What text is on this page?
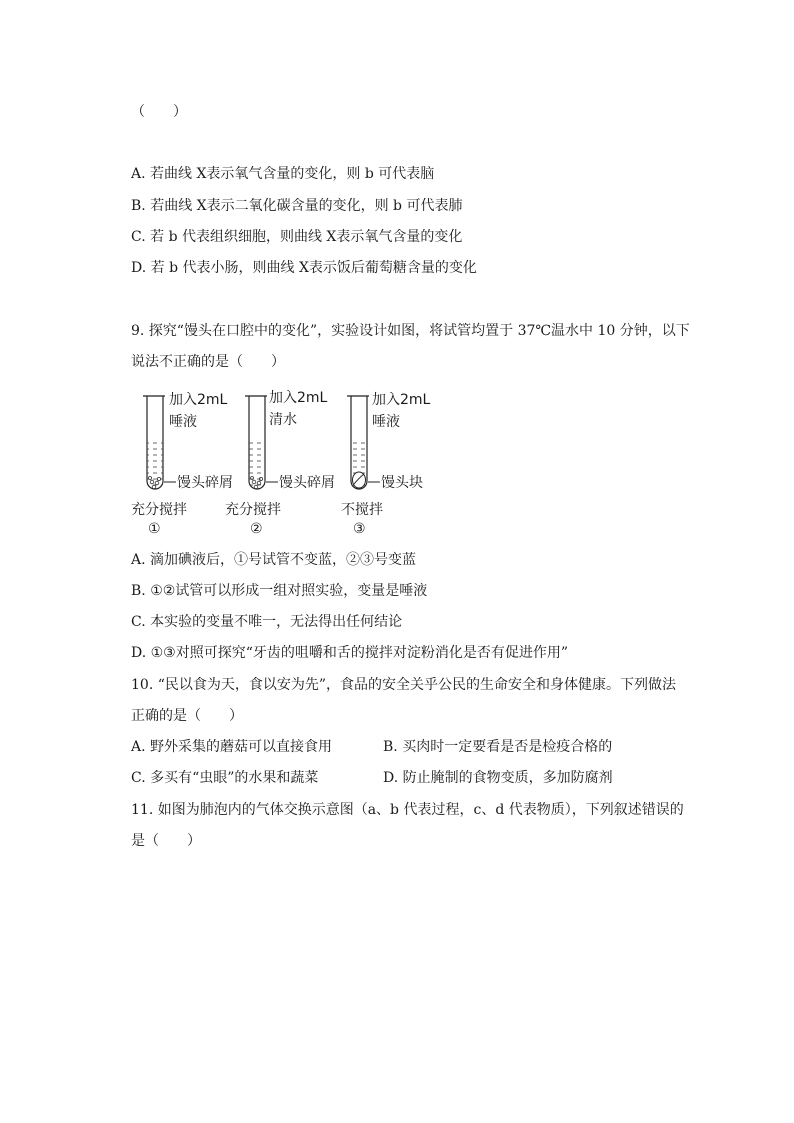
（　　）
A. 若曲线 X表示氧气含量的变化，则 b 可代表脑
B. 若曲线 X表示二氧化碳含量的变化，则 b 可代表肺
C. 若 b 代表组织细胞，则曲线 X表示氧气含量的变化
D. 若 b 代表小肠，则曲线 X表示饭后葡萄糖含量的变化
9. 探究“馒头在口腔中的变化”，实验设计如图，将试管均置于 37℃温水中 10 分钟，以下
说法不正确的是（　　）
加入2mL
唾液
馒头碎屑
充分搅拌
①
加入2mL
清水
馒头碎屑
充分搅拌
②
加入2mL
唾液
馒头块
不搅拌
③
A. 滴加碘液后，①号试管不变蓝，②③号变蓝
B. ①②试管可以形成一组对照实验，变量是唾液
C. 本实验的变量不唯一，无法得出任何结论
D. ①③对照可探究“牙齿的咀嚼和舌的搅拌对淀粉消化是否有促进作用”
10. “民以食为天，食以安为先”，食品的安全关乎公民的生命安全和身体健康。下列做法
正确的是（　　）
A. 野外采集的蘑菇可以直接食用	B. 买肉时一定要看是否是检疫合格的
C. 多买有“虫眼”的水果和蔬菜	D. 防止腌制的食物变质，多加防腐剂
11. 如图为肺泡内的气体交换示意图（a、b 代表过程，c、d 代表物质），下列叙述错误的
是（　　）
